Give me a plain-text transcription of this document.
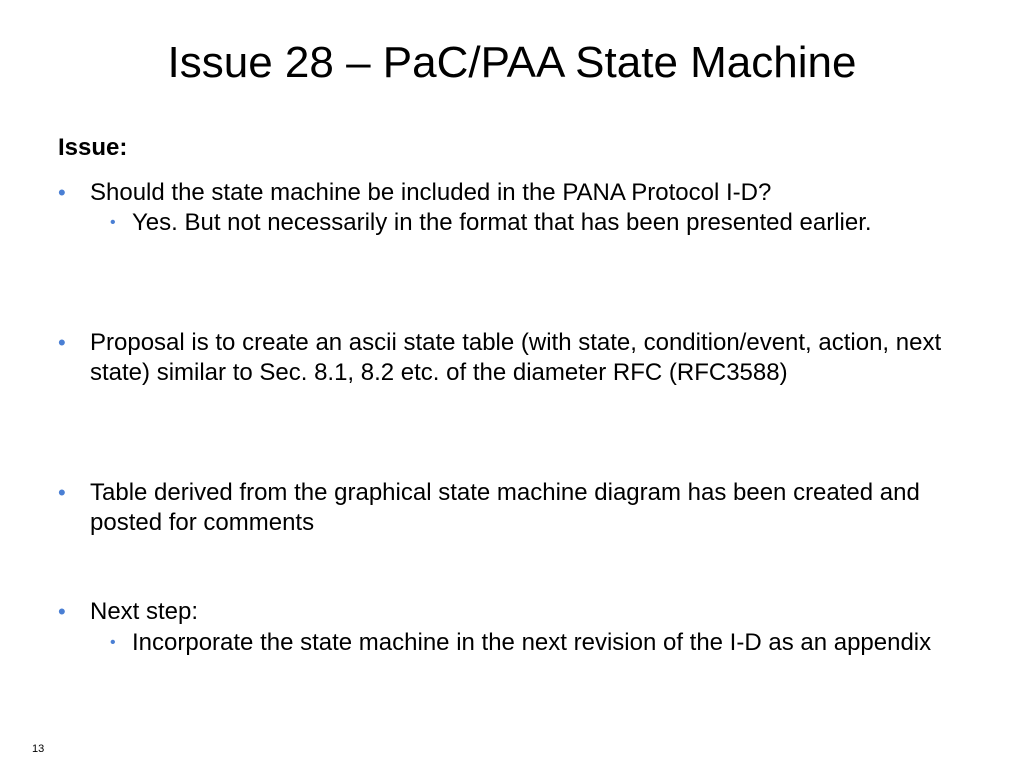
Issue 28 – PaC/PAA State Machine
Issue:
• Should the state machine be included in the PANA Protocol I-D?
• Yes. But not necessarily in the format that has been presented earlier.
• Proposal is to create an ascii state table (with state, condition/event, action, next state) similar to Sec. 8.1, 8.2 etc. of the diameter RFC (RFC3588)
• Table derived from the graphical state machine diagram has been created and posted for comments
• Next step:
• Incorporate the state machine in the next revision of the I-D as an appendix
13
